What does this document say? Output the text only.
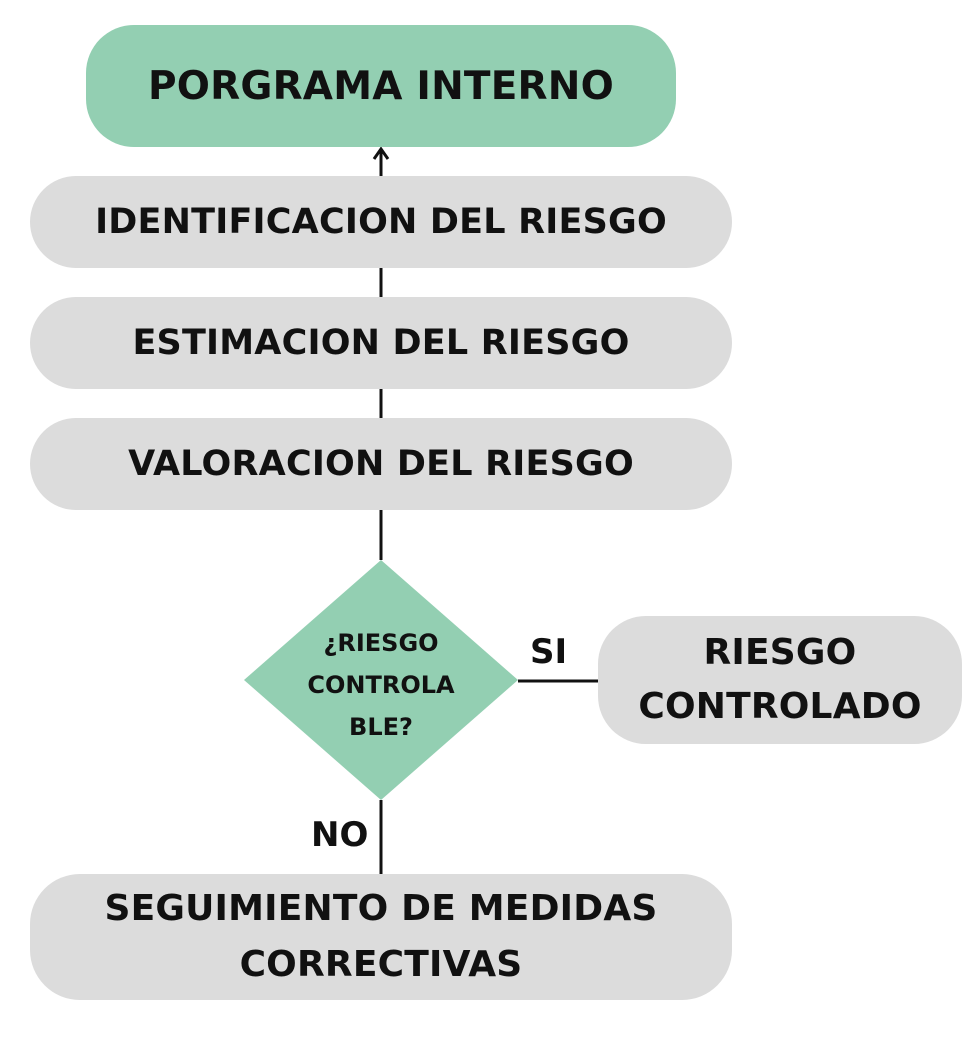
PORGRAMA INTERNO
IDENTIFICACION DEL RIESGO
ESTIMACION DEL RIESGO
VALORACION DEL RIESGO
¿RIESGO
CONTROLA
BLE?
SI
NO
RIESGO
CONTROLADO
SEGUIMIENTO DE MEDIDAS
CORRECTIVAS
